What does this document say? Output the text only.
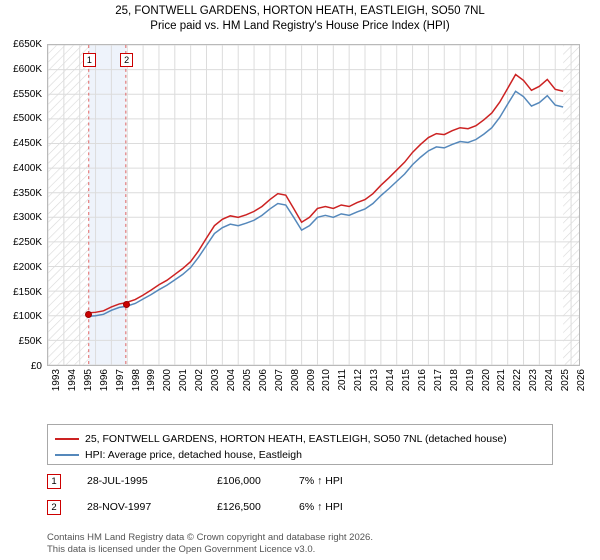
25, FONTWELL GARDENS, HORTON HEATH, EASTLEIGH, SO50 7NL
Price paid vs. HM Land Registry's House Price Index (HPI)
£0
£50K
£100K
£150K
£200K
£250K
£300K
£350K
£400K
£450K
£500K
£550K
£600K
£650K
1993 1994 1995 1996 1997 1998 1999 2000 2001 2002 2003 2004 2005 2006 2007 2008 2009 2010 2011 2012 2013 2014 2015 2016 2017 2018 2019 2020 2021 2022 2023 2024 2025 2026
1	2
25, FONTWELL GARDENS, HORTON HEATH, EASTLEIGH, SO50 7NL (detached house)
HPI: Average price, detached house, Eastleigh
1	28-JUL-1995	£106,000	7% ↑ HPI
2	28-NOV-1997	£126,500	6% ↑ HPI
Contains HM Land Registry data © Crown copyright and database right 2026.
This data is licensed under the Open Government Licence v3.0.
